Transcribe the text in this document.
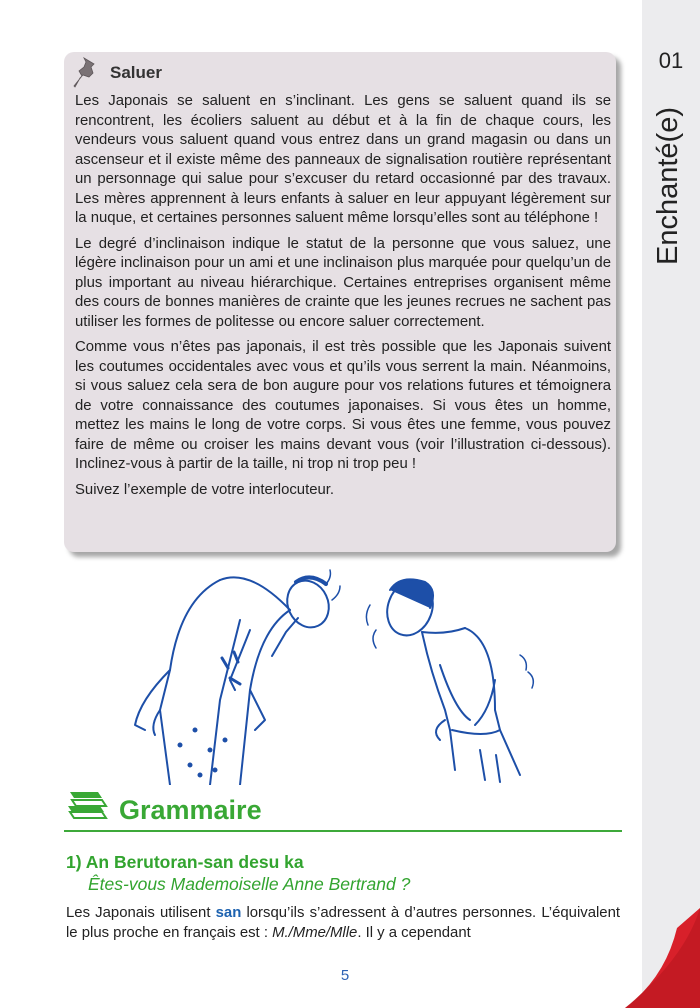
01
Enchanté(e)
Saluer

Les Japonais se saluent en s’inclinant. Les gens se saluent quand ils se rencontrent, les écoliers saluent au début et à la fin de chaque cours, les vendeurs vous saluent quand vous entrez dans un grand magasin ou dans un ascenseur et il existe même des panneaux de signalisation routière représentant un personnage qui salue pour s’excuser du retard occasionné par des travaux. Les mères apprennent à leurs enfants à saluer en leur appuyant légèrement sur la nuque, et certaines personnes saluent même lorsqu’elles sont au téléphone !

Le degré d’inclinaison indique le statut de la personne que vous saluez, une légère inclinaison pour un ami et une inclinaison plus marquée pour quelqu’un de plus important au niveau hiérarchique. Certaines entreprises organisent même des cours de bonnes manières de crainte que les jeunes recrues ne sachent pas utiliser les formes de politesse ou encore saluer correctement.

Comme vous n’êtes pas japonais, il est très possible que les Japonais suivent les coutumes occidentales avec vous et qu’ils vous serrent la main. Néanmoins, si vous saluez cela sera de bon augure pour vos relations futures et témoignera de votre connaissance des coutumes japonaises. Si vous êtes un homme, mettez les mains le long de votre corps. Si vous êtes une femme, vous pouvez faire de même ou croiser les mains devant vous (voir l’illustration ci-dessous). Inclinez-vous à partir de la taille, ni trop ni trop peu !

Suivez l’exemple de votre interlocuteur.

Grammaire
1) An Berutoran-san desu ka
Êtes-vous Mademoiselle Anne Bertrand ?
Les Japonais utilisent san lorsqu’ils s’adressent à d’autres personnes. L’équivalent le plus proche en français est : M./Mme/Mlle. Il y a cependant
5
